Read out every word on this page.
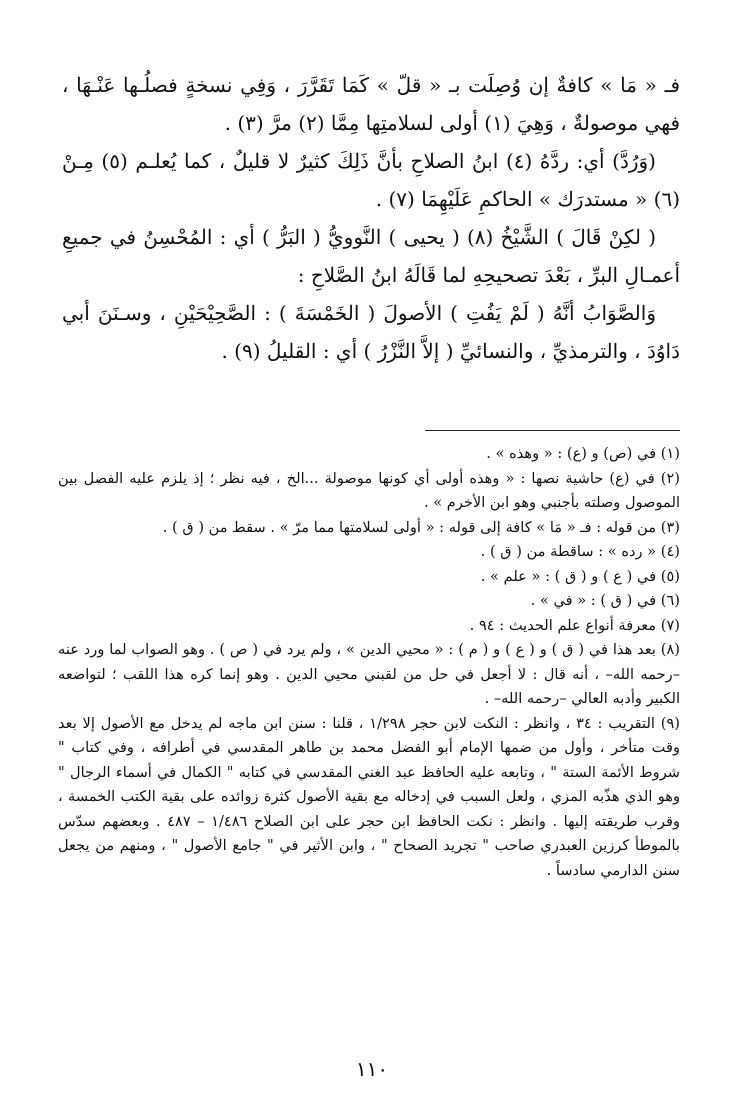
فـ « مَا » كافةٌ إن وُصِلَت بـ « قلّ » كَمَا تَقَرَّرَ ، وَفِي نسخةٍ فصلُـها عَنْـهَا ، فهي موصولةٌ ، وَهِيَ (١) أولى لسلامتِها مِمَّا (٢) مرَّ (٣) .

(وَرُدَّ) أي: ردَّهُ (٤) ابنُ الصلاحِ بأنَّ ذَلِكَ كثيرٌ لا قليلٌ ، كما يُعلـم (٥) مِـنْ (٦) « مستدرَك » الحاكمِ عَلَيْهِمَا (٧) .

( لكِنْ قَالَ ) الشَّيْخُ (٨) ( يحيى ) النَّوويُّ ( البَرُّ ) أي : المُحْسِنُ في جميعِ أعمـالِ البرِّ ، بَعْدَ تصحيحِهِ لما قَالَهُ ابنُ الصَّلاحِ :

وَالصَّوَابُ أنَّهُ ( لَمْ يَفُتِ ) الأصولَ ( الخَمْسَةَ ) : الصَّحِيْحَيْنِ ، وسـنَنَ أبي دَاوُدَ ، والترمذيِّ ، والنسائيِّ ( إلاَّ النَّزْرُ ) أي : القليلُ (٩) .

(١) في (ص) و (ع) : « وهذه » .

(٢) في (ع) حاشية نصها : « وهذه أولى أي كونها موصولة ...الخ ، فيه نظر ؛ إذ يلزم عليه الفصل بين الموصول وصلته بأجنبي وهو ابن الأخرم » .

(٣) من قوله : فـ « مَا » كافة إلى قوله : « أولى لسلامتها مما مرّ » . سقط من ( ق ) .

(٤) « رده » : ساقطة من ( ق ) .

(٥) في ( ع ) و ( ق ) : « علم » .

(٦) في ( ق ) : « في » .

(٧) معرفة أنواع علم الحديث : ٩٤ .

(٨) بعد هذا في ( ق ) و ( ع ) و ( م ) : « محيي الدين » ، ولم يرد في ( ص ) . وهو الصواب لما ورد عنه –رحمه الله– ، أنه قال : لا أجعل في حل من لقبني محيي الدين . وهو إنما كره هذا اللقب ؛ لتواضعه الكبير وأدبه العالي –رحمه الله– .

(٩) التقريب : ٣٤ ، وانظر : النكت لابن حجر ١/٢٩٨ ، قلنا : سنن ابن ماجه لم يدخل مع الأصول إلا بعد وقت متأخر ، وأول من ضمها الإمام أبو الفضل محمد بن طاهر المقدسي في أطرافه ، وفي كتاب " شروط الأئمة الستة " ، وتابعه عليه الحافظ عبد الغني المقدسي في كتابه " الكمال في أسماء الرجال " وهو الذي هذّبه المزي ، ولعل السبب في إدخاله مع بقية الأصول كثرة زوائده على بقية الكتب الخمسة ، وقرب طريقته إليها . وانظر : نكت الحافظ ابن حجر على ابن الصلاح ١/٤٨٦ – ٤٨٧ . وبعضهم سدّس بالموطأ كرزين العبدري صاحب " تجريد الصحاح " ، وابن الأثير في " جامع الأصول " ، ومنهم من يجعل سنن الدارمي سادساً .

١١٠
